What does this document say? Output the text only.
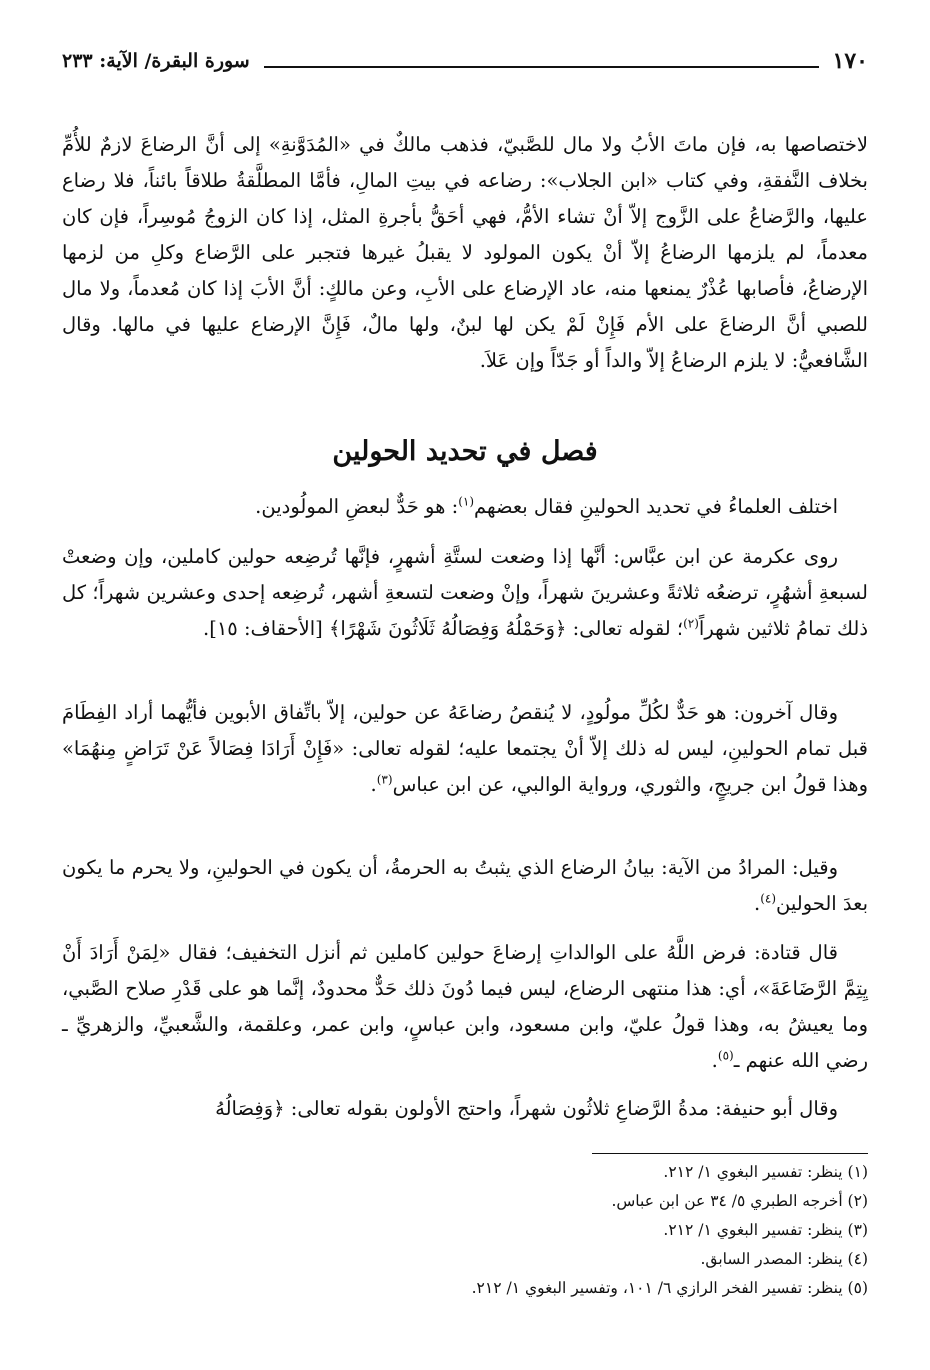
١٧٠
سورة البقرة/ الآية: ٢٣٣

لاختصاصها به، فإن ماتَ الأبُ ولا مال للصَّبيّ، فذهب مالكٌ في «المُدَوَّنةِ» إلى أنَّ الرضاعَ لازمٌ للأُمِّ بخلاف النَّفقةِ، وفي كتاب «ابن الجلاب»: رضاعه في بيتِ المالِ، فأمَّا المطلَّقةُ طلاقاً بائناً، فلا رضاع عليها، والرَّضاعُ على الزَّوج إلاّ أنْ تشاء الأمُّ، فهي أحَقُّ بأجرةِ المثل، إذا كان الزوجُ مُوسِراً، فإن كان معدماً، لم يلزمها الرضاعُ إلاّ أنْ يكون المولود لا يقبلُ غيرها فتجبر على الرَّضاع وكلِ من لزمها الإرضاعُ، فأصابها عُذْرٌ يمنعها منه، عاد الإرضاع على الأبِ، وعن مالكٍ: أنَّ الأبَ إذا كان مُعدماً، ولا مال للصبي أنَّ الرضاعَ على الأم فَإِنْ لَمْ يكن لها لبنٌ، ولها مالٌ، فَإِنَّ الإرضاع عليها في مالها. وقال الشَّافعيُّ: لا يلزم الرضاعُ إلاّ والداً أو جَدّاً وإن عَلاَ.

فصل في تحديد الحولين

اختلف العلماءُ في تحديد الحولينِ فقال بعضهم$^{(١)}$: هو حَدٌّ لبعضِ المولُودين.

روى عكرمة عن ابن عبَّاس: أنَّها إذا وضعت لستَّةِ أشهرٍ، فإنَّها تُرضِعه حولين كاملين، وإن وضعتْ لسبعةِ أشهُرٍ، ترضعُه ثلاثةً وعشرينَ شهراً، وإنْ وضعت لتسعةِ أشهر، تُرضِعه إحدى وعشرين شهراً؛ كل ذلك تمامُ ثلاثين شهراً$^{(٢)}$؛ لقوله تعالى: ﴿وَحَمْلُهُ وَفِصَالُهُ ثَلَاثُونَ شَهْرًا﴾ [الأحقاف: ١٥].

وقال آخرون: هو حَدٌّ لكُلِّ مولُودٍ، لا يُنقصُ رضاعَهُ عن حولين، إلاّ باتِّفاق الأبوين فأيُّهما أراد الفِطَامَ قبل تمام الحولينِ، ليس له ذلك إلاّ أنْ يجتمعا عليه؛ لقوله تعالى: «فَإِنْ أَرَادَا فِصَالاً عَنْ تَرَاضٍ مِنهُمَا» وهذا قولُ ابن جريجٍ، والثوري، ورواية الوالبي، عن ابن عباس$^{(٣)}$.

وقيل: المرادُ من الآية: بيانُ الرضاع الذي يثبتُ به الحرمةُ، أن يكون في الحولينِ، ولا يحرم ما يكون بعدَ الحولين$^{(٤)}$.

قال قتادة: فرض اللَّهُ على الوالداتِ إرضاعَ حولين كاملين ثم أنزل التخفيف؛ فقال «لِمَنْ أَرَادَ أَنْ يِتِمَّ الرَّضَاعَةَ»، أي: هذا منتهى الرضاع، ليس فيما دُونَ ذلك حَدٌّ محدودٌ، إنَّما هو على قَدْرِ صلاح الصَّبي، وما يعيشُ به، وهذا قولُ عليّ، وابن مسعود، وابن عباسٍ، وابن عمر، وعلقمة، والشَّعبيِّ، والزهريِّ ـ رضي الله عنهم ـ$^{(٥)}$.

وقال أبو حنيفة: مدةُ الرَّضاعِ ثلاثُون شهراً، واحتج الأولون بقوله تعالى: ﴿وَفِصَالُهُ

(١) ينظر: تفسير البغوي ١/ ٢١٢.
(٢) أخرجه الطبري ٥/ ٣٤ عن ابن عباس.
(٣) ينظر: تفسير البغوي ١/ ٢١٢.
(٤) ينظر: المصدر السابق.
(٥) ينظر: تفسير الفخر الرازي ٦/ ١٠١، وتفسير البغوي ١/ ٢١٢.
